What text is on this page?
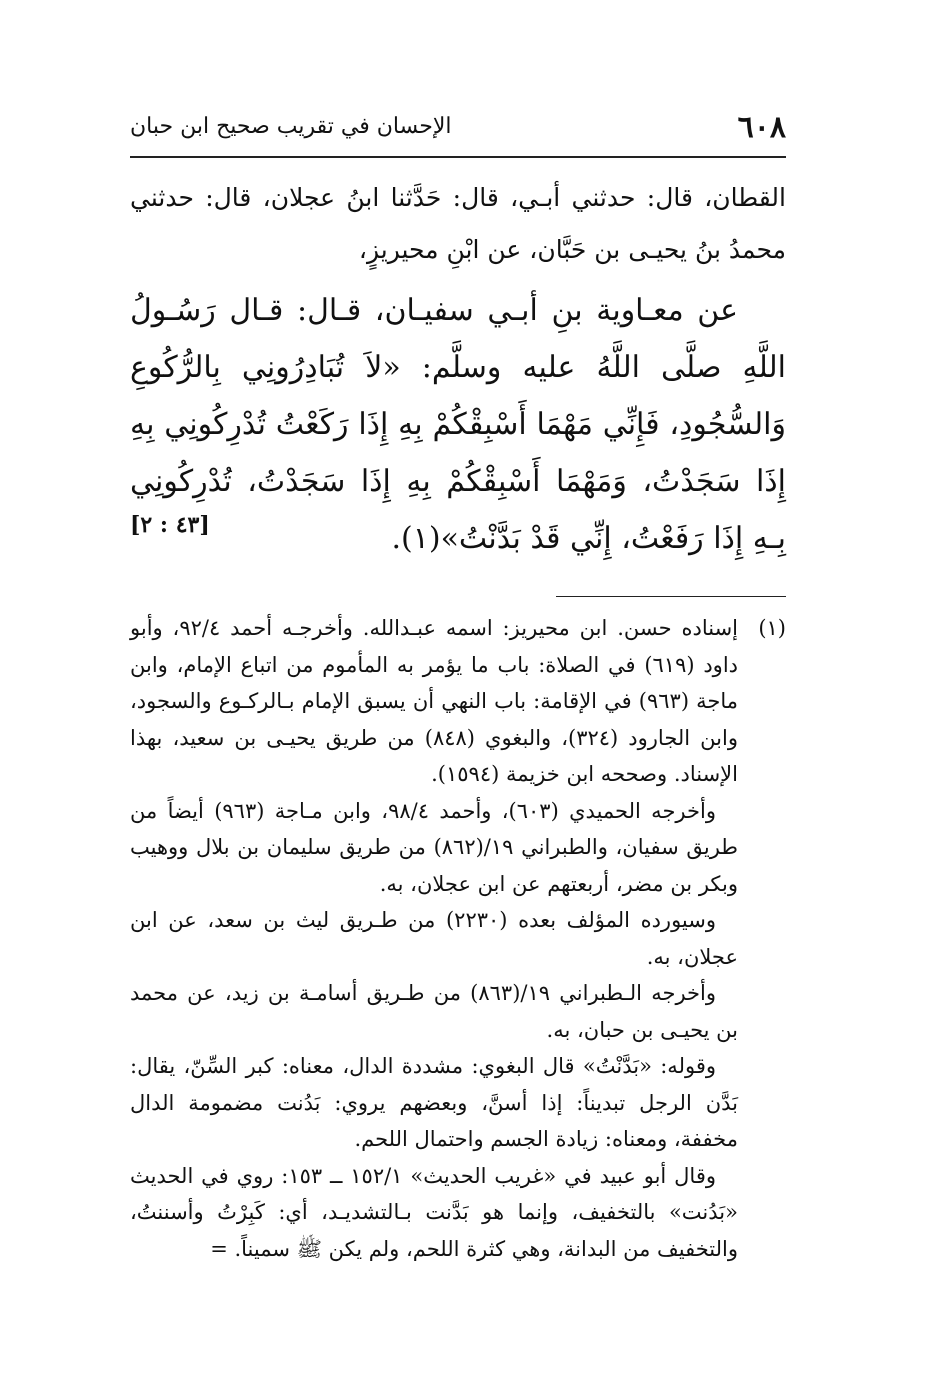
٦٠٨
الإحسان في تقريب صحيح ابن حبان

القطان، قال: حدثني أبـي، قال: حَدَّثنا ابنُ عجلان، قال: حدثني محمدُ بنُ يحيـى بن حَبَّان، عن ابْنِ محيريزٍ،

عن معـاوية بنِ أبـي سفيـان، قـال: قـال رَسُـولُ اللَّهِ صلَّى اللَّهُ عليه وسلَّم: «لاَ تُبَادِرُونِي بِالرُّكُوعِ وَالسُّجُودِ، فَإِنِّي مَهْمَا أَسْبِقْكُمْ بِهِ إِذَا رَكَعْتُ تُدْرِكُونِي بِهِ إِذَا سَجَدْتُ، وَمَهْمَا أَسْبِقْكُمْ بِهِ إِذَا سَجَدْتُ، تُدْرِكُونِي بِـهِ إِذَا رَفَعْتُ، إِنِّي قَدْ بَدَّنْتُ»(١).

[٤٣ : ٢]

(١)إسناده حسن. ابن محيريز: اسمه عبـدالله. وأخرجـه أحمد ٩٢/٤، وأبو داود (٦١٩) في الصلاة: باب ما يؤمر به المأموم من اتباع الإمام، وابن ماجة (٩٦٣) في الإقامة: باب النهي أن يسبق الإمام بـالركـوع والسجود، وابن الجارود (٣٢٤)، والبغوي (٨٤٨) من طريق يحيـى بن سعيد، بهذا الإسناد. وصححه ابن خزيمة (١٥٩٤).

وأخرجه الحميدي (٦٠٣)، وأحمد ٩٨/٤، وابن مـاجة (٩٦٣) أيضاً من طريق سفيان، والطبراني ١٩/(٨٦٢) من طريق سليمان بن بلال ووهيب وبكر بن مضر، أربعتهم عن ابن عجلان، به.

وسيورده المؤلف بعده (٢٢٣٠) من طـريق ليث بن سعد، عن ابن عجلان، به.

وأخرجه الـطبراني ١٩/(٨٦٣) من طـريق أسامـة بن زيد، عن محمد بن يحيـى بن حبان، به.

وقوله: «بَدَّنْتُ» قال البغوي: مشددة الدال، معناه: كبر السِّنّ، يقال: بَدَّن الرجل تبديناً: إذا أسنَّ، وبعضهم يروي: بَدُنت مضمومة الدال مخففة، ومعناه: زيادة الجسم واحتمال اللحم.

وقال أبو عبيد في «غريب الحديث» ١٥٢/١ ــ ١٥٣: روي في الحديث «بَدُنت» بالتخفيف، وإنما هو بَدَّنت بـالتشديـد، أي: كَبِرْتُ وأسننتُ، والتخفيف من البدانة، وهي كثرة اللحم، ولم يكن ﷺ سميناً. =
